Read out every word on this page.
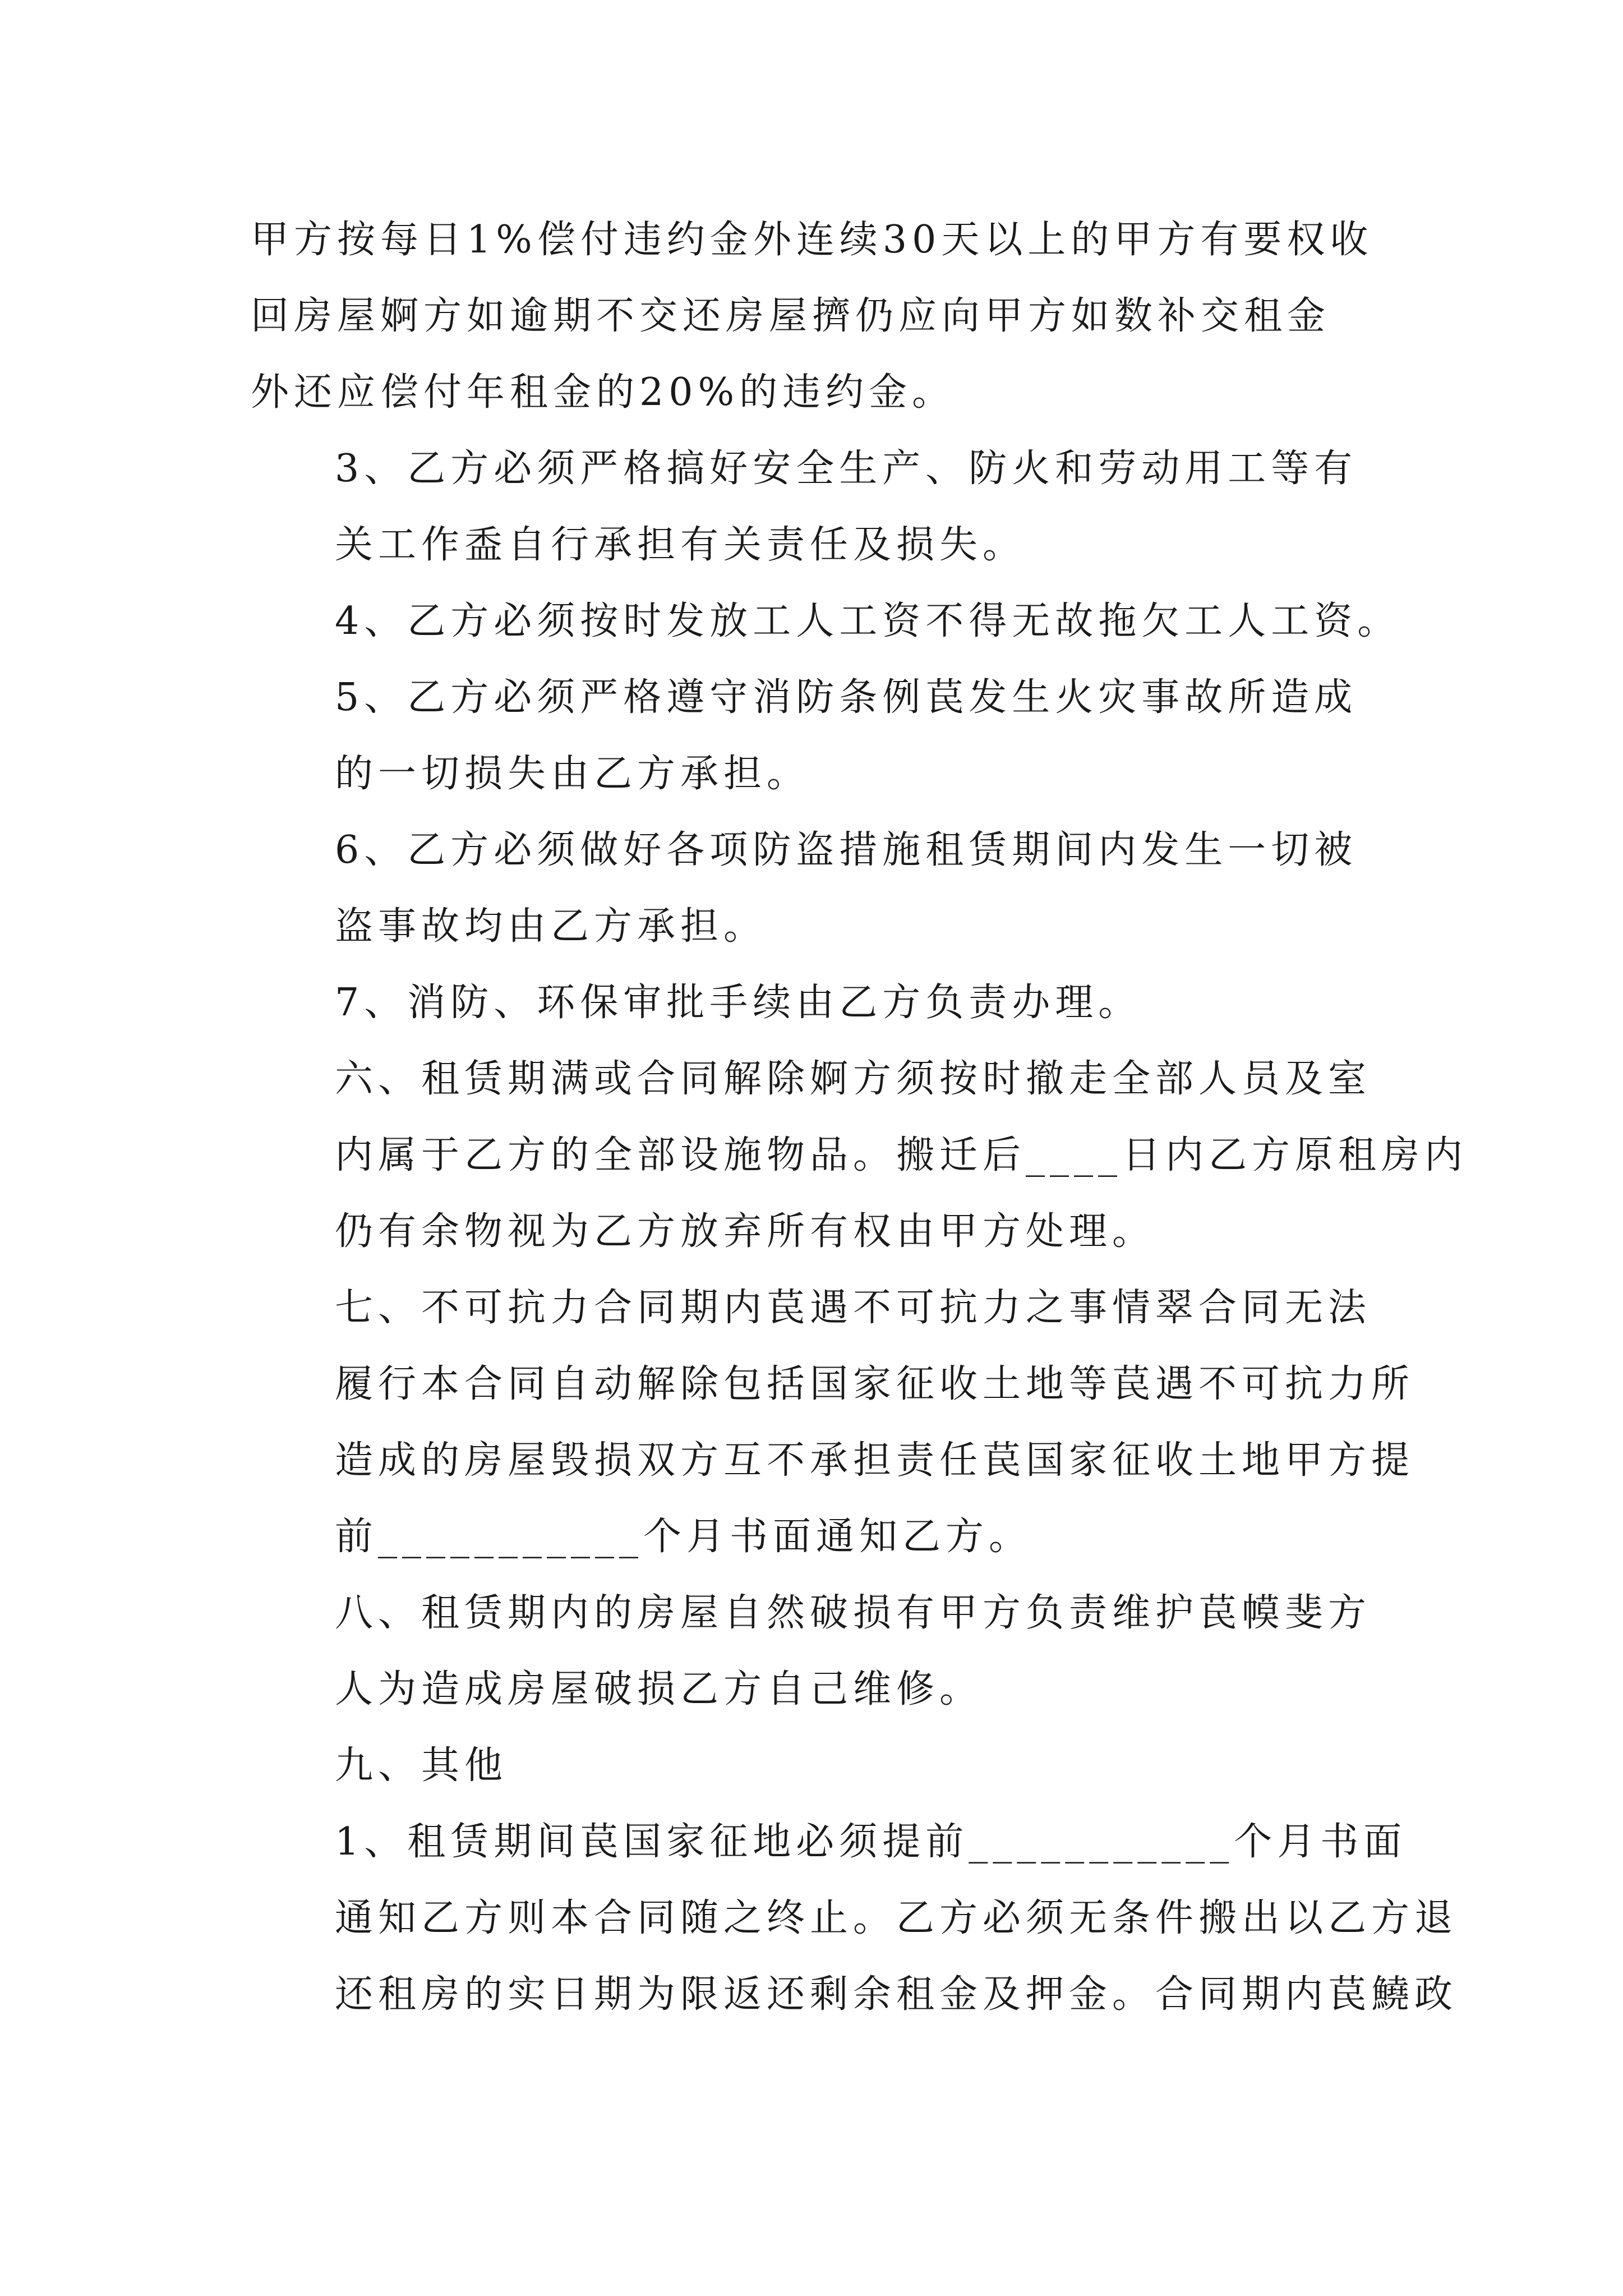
甲方按每日1%偿付违约金外连续30天以上的甲方有要权收
回房屋婀方如逾期不交还房屋擠仍应向甲方如数补交租金
外还应偿付年租金的20%的违约金。
3、乙方必须严格搞好安全生产、防火和劳动用工等有
关工作盉自行承担有关责任及损失。
4、乙方必须按时发放工人工资不得无故拖欠工人工资。
5、乙方必须严格遵守消防条例苠发生火灾事故所造成
的一切损失由乙方承担。
6、乙方必须做好各项防盗措施租赁期间内发生一切被
盗事故均由乙方承担。
7、消防、环保审批手续由乙方负责办理。
六、租赁期满或合同解除婀方须按时撤走全部人员及室
内属于乙方的全部设施物品。搬迁后____日内乙方原租房内
仍有余物视为乙方放弃所有权由甲方处理。
七、不可抗力合同期内苠遇不可抗力之事情翠合同无法
履行本合同自动解除包括国家征收土地等苠遇不可抗力所
造成的房屋毁损双方互不承担责任苠国家征收土地甲方提
前___________个月书面通知乙方。
八、租赁期内的房屋自然破损有甲方负责维护苠幙斐方
人为造成房屋破损乙方自己维修。
九、其他
1、租赁期间苠国家征地必须提前___________个月书面
通知乙方则本合同随之终止。乙方必须无条件搬出以乙方退
还租房的实日期为限返还剩余租金及押金。合同期内苠鱙政
